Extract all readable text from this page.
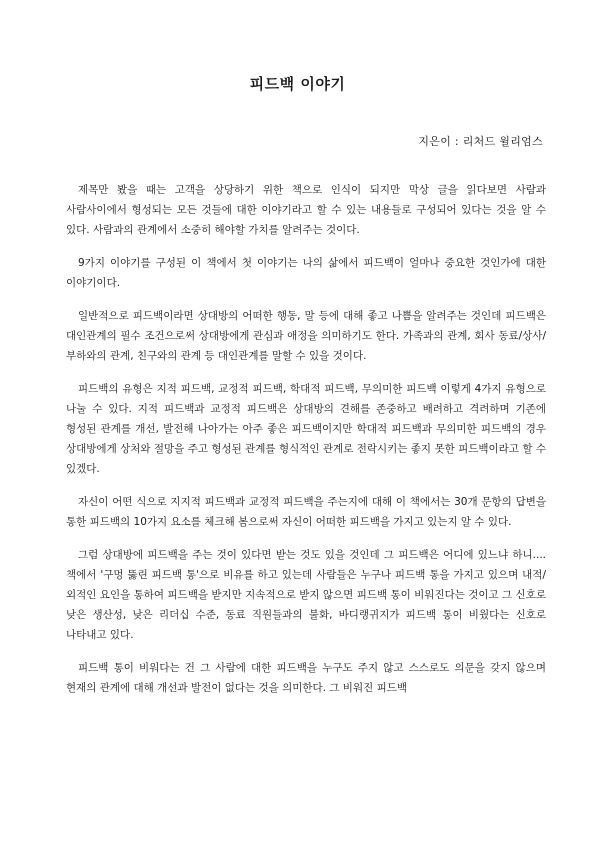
피드백 이야기
지은이 : 리처드 윌리엄스

제목만 봤을 때는 고객을 상당하기 위한 책으로 인식이 되지만 막상 글을 읽다보면 사람과 사람사이에서 형성되는 모든 것들에 대한 이야기라고 할 수 있는 내용들로 구성되어 있다는 것을 알 수 있다. 사람과의 관계에서 소중히 해야할 가치를 알려주는 것이다.

9가지 이야기를 구성된 이 책에서 첫 이야기는 나의 삶에서 피드백이 얼마나 중요한 것인가에 대한 이야기이다.

일반적으로 피드백이라면 상대방의 어떠한 행동, 말 등에 대해 좋고 나쁨을 알려주는 것인데 피드백은 대인관계의 필수 조건으로써 상대방에게 관심과 애정을 의미하기도 한다. 가족과의 관계, 회사 동료/상사/부하와의 관계, 친구와의 관계 등 대인관계를 말할 수 있을 것이다.

피드백의 유형은 지적 피드백, 교정적 피드백, 학대적 피드백, 무의미한 피드백 이렇게 4가지 유형으로 나눌 수 있다. 지적 피드백과 교정적 피드백은 상대방의 견해를 존중하고 배려하고 격려하며 기존에 형성된 관계를 개선, 발전해 나아가는 아주 좋은 피드백이지만 학대적 피드백과 무의미한 피드백의 경우 상대방에게 상처와 절망을 주고 형성된 관계를 형식적인 관계로 전락시키는 좋지 못한 피드백이라고 할 수 있겠다.

자신이 어떤 식으로 지지적 피드백과 교정적 피드백을 주는지에 대해 이 책에서는 30개 문항의 답변을 통한 피드백의 10가지 요소를 체크해 봄으로써 자신이 어떠한 피드백을 가지고 있는지 알 수 있다.

그럼 상대방에 피드백을 주는 것이 있다면 받는 것도 있을 것인데 그 피드백은 어디에 있느냐 하니.... 책에서 '구멍 뚫린 피드백 통'으로 비유를 하고 있는데 사람들은 누구나 피드백 통을 가지고 있으며 내적/외적인 요인을 통하여 피드백을 받지만 지속적으로 받지 않으면 피드백 통이 비워진다는 것이고 그 신호로 낮은 생산성, 낮은 리더십 수준, 동료 직원들과의 불화, 바디랭귀지가 피드백 통이 비웠다는 신호로 나타내고 있다.

피드백 통이 비워다는 건 그 사람에 대한 피드백을 누구도 주지 않고 스스로도 의문을 갖지 않으며 현재의 관계에 대해 개선과 발전이 없다는 것을 의미한다. 그 비워진 피드백
